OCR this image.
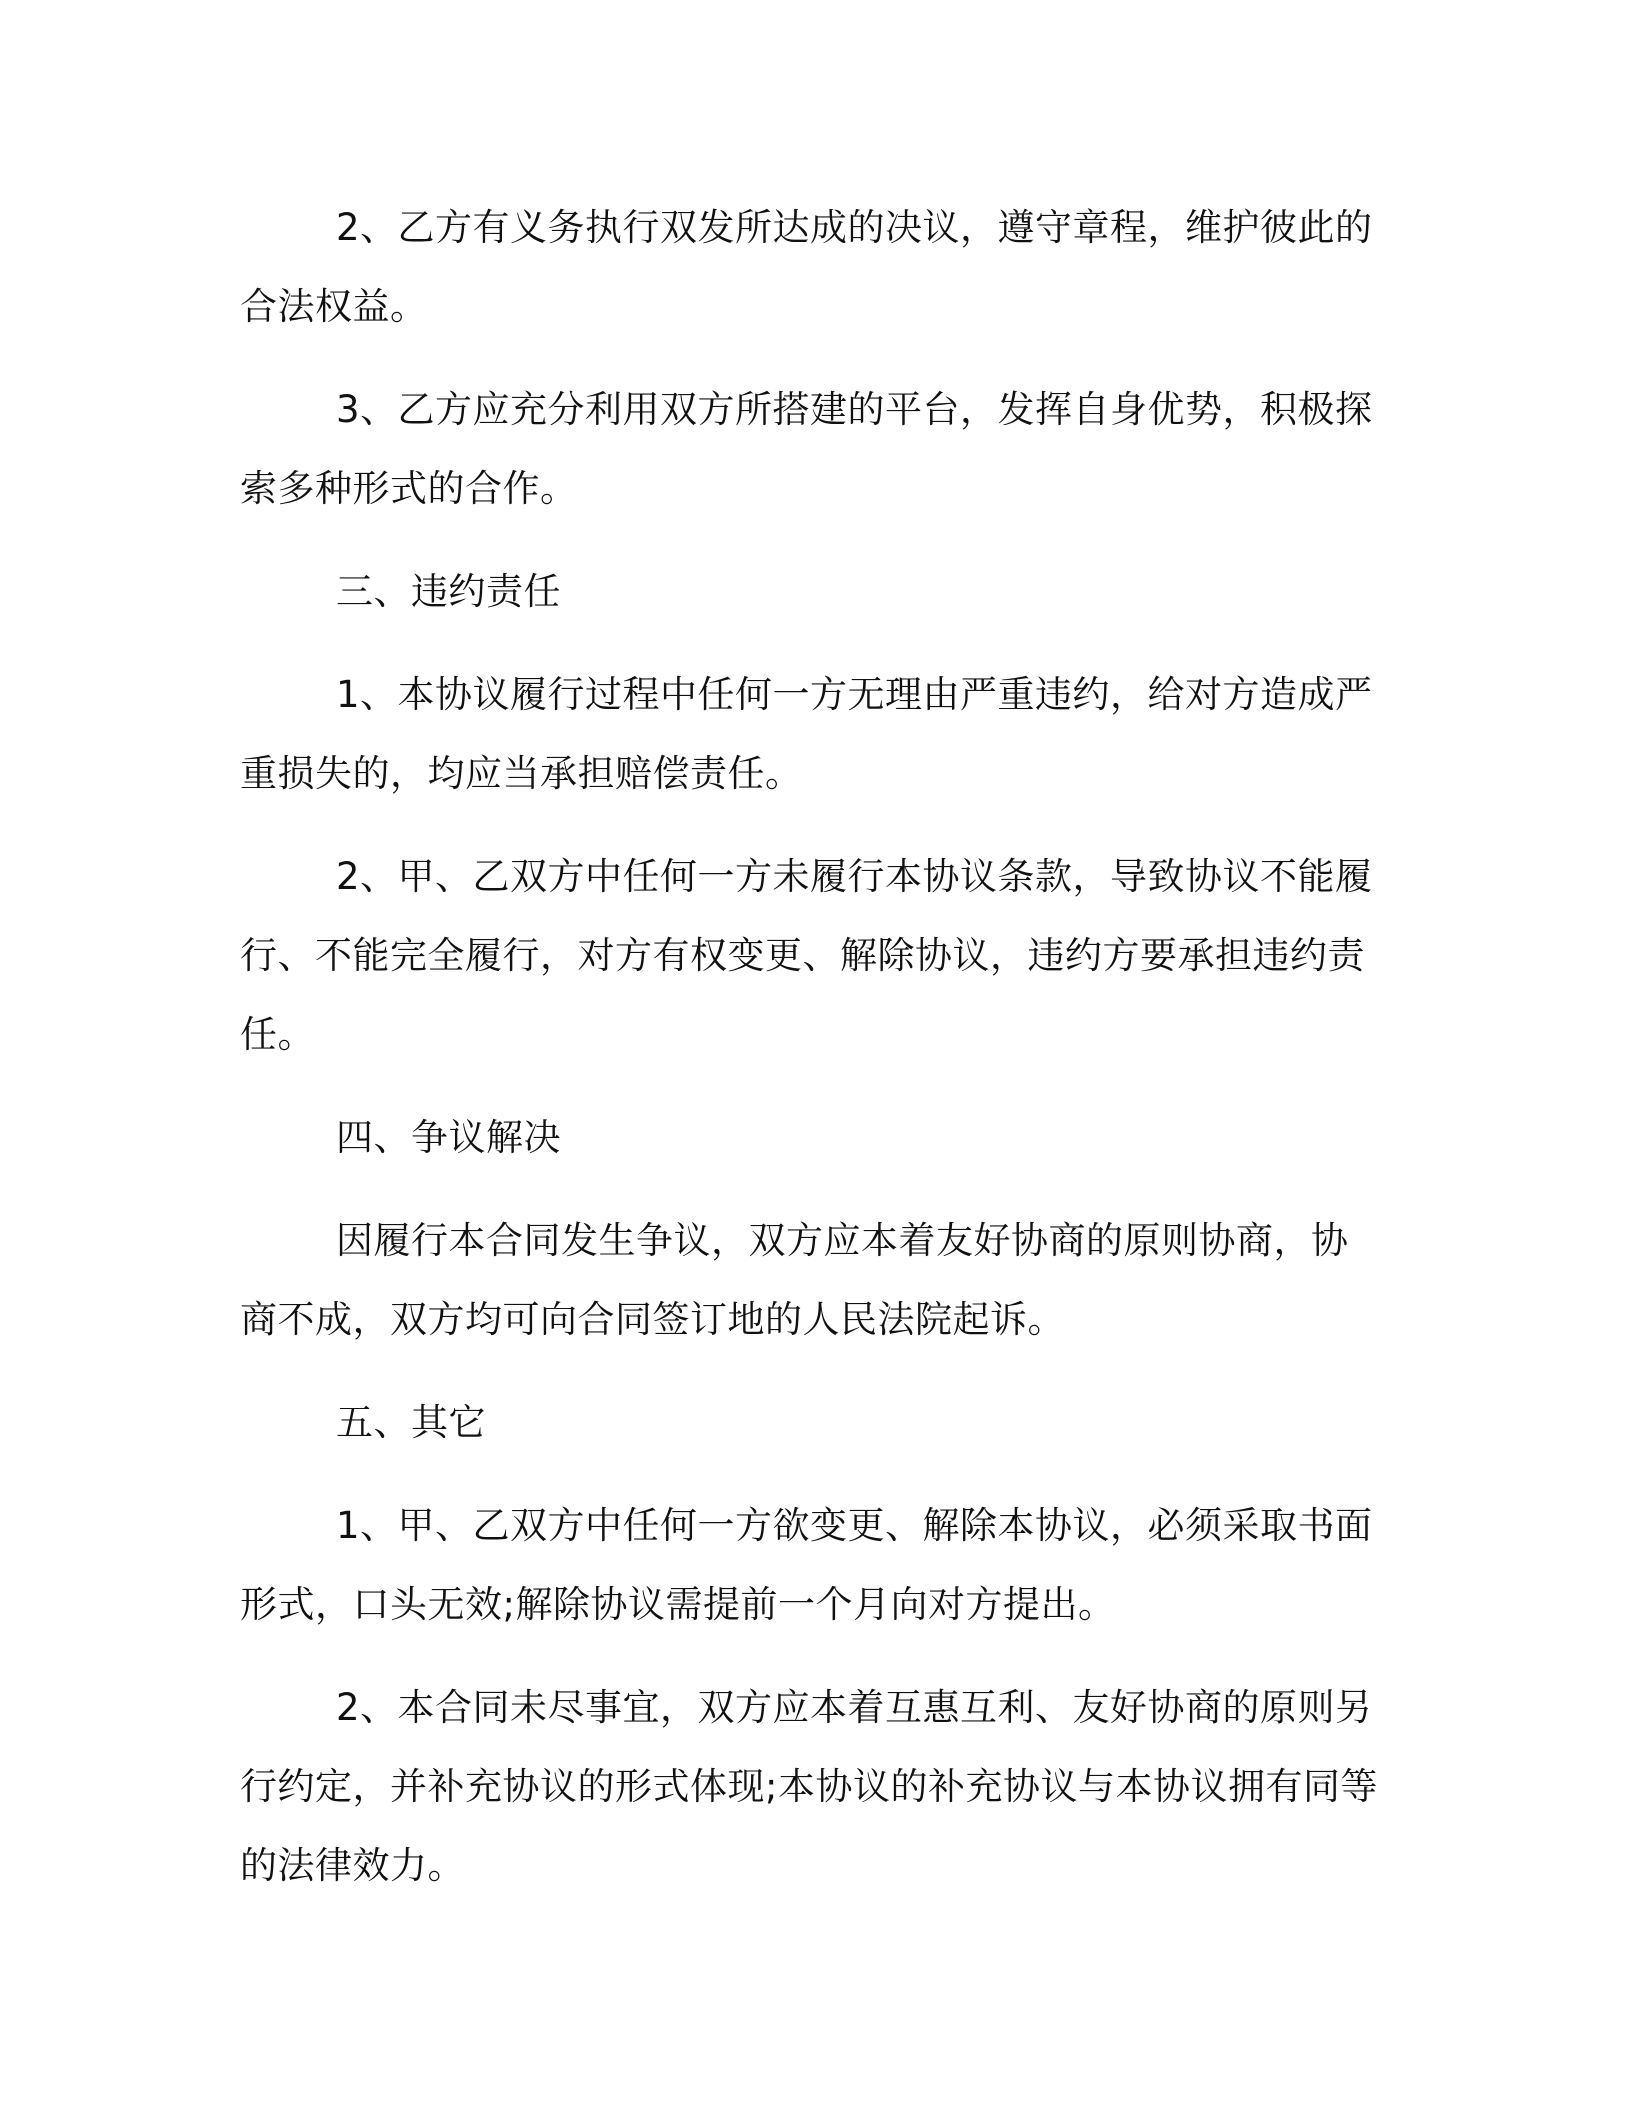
2、乙方有义务执行双发所达成的决议，遵守章程，维护彼此的合法权益。

3、乙方应充分利用双方所搭建的平台，发挥自身优势，积极探索多种形式的合作。

三、违约责任

1、本协议履行过程中任何一方无理由严重违约，给对方造成严重损失的，均应当承担赔偿责任。

2、甲、乙双方中任何一方未履行本协议条款，导致协议不能履行、不能完全履行，对方有权变更、解除协议，违约方要承担违约责任。

四、争议解决

因履行本合同发生争议，双方应本着友好协商的原则协商，协商不成，双方均可向合同签订地的人民法院起诉。

五、其它

1、甲、乙双方中任何一方欲变更、解除本协议，必须采取书面形式，口头无效;解除协议需提前一个月向对方提出。

2、本合同未尽事宜，双方应本着互惠互利、友好协商的原则另行约定，并补充协议的形式体现;本协议的补充协议与本协议拥有同等的法律效力。
